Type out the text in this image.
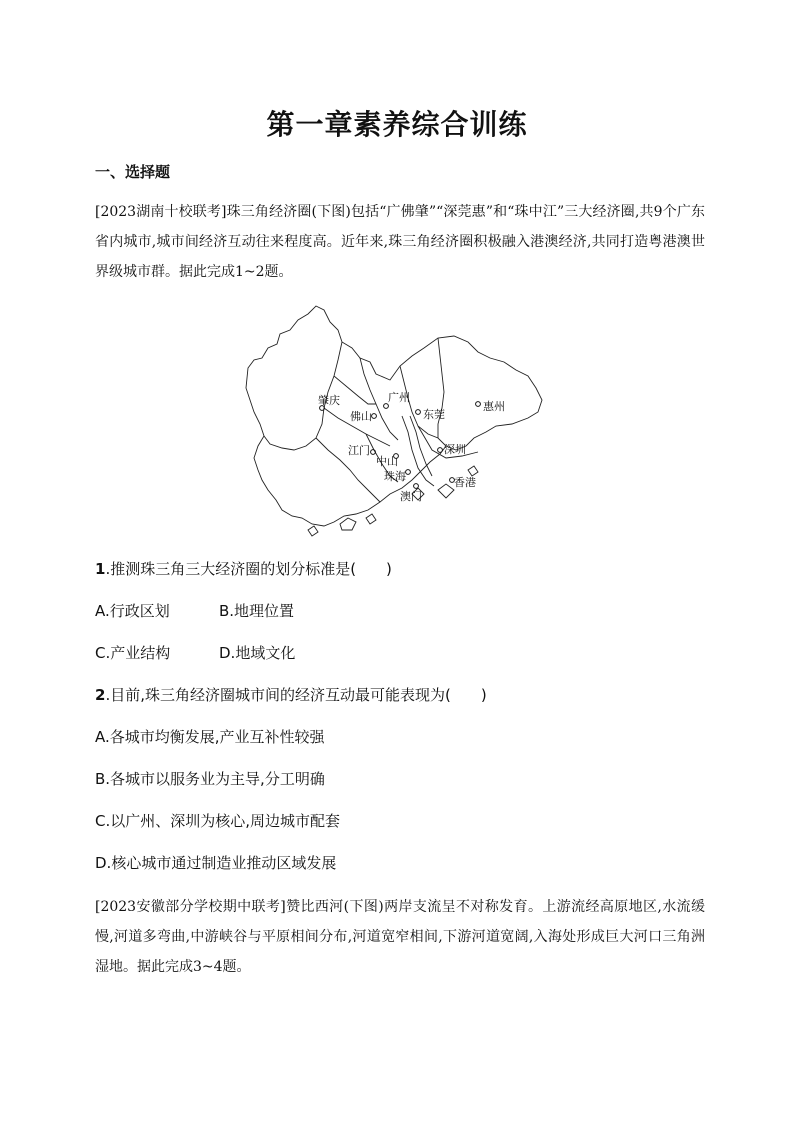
第一章素养综合训练
一、选择题
[2023湖南十校联考]珠三角经济圈(下图)包括“广佛肇”“深莞惠”和“珠中江”三大经济圈,共9个广东省内城市,城市间经济互动往来程度高。近年来,珠三角经济圈积极融入港澳经济,共同打造粤港澳世界级城市群。据此完成1~2题。
肇庆	广州
佛山	东莞
惠州
江门
中山
深圳
珠海	香港
澳门
1.推测珠三角三大经济圈的划分标准是(　　)
A.行政区划	B.地理位置
C.产业结构	D.地域文化
2.目前,珠三角经济圈城市间的经济互动最可能表现为(　　)
A.各城市均衡发展,产业互补性较强
B.各城市以服务业为主导,分工明确
C.以广州、深圳为核心,周边城市配套
D.核心城市通过制造业推动区域发展
[2023安徽部分学校期中联考]赞比西河(下图)两岸支流呈不对称发育。上游流经高原地区,水流缓慢,河道多弯曲,中游峡谷与平原相间分布,河道宽窄相间,下游河道宽阔,入海处形成巨大河口三角洲湿地。据此完成3~4题。
